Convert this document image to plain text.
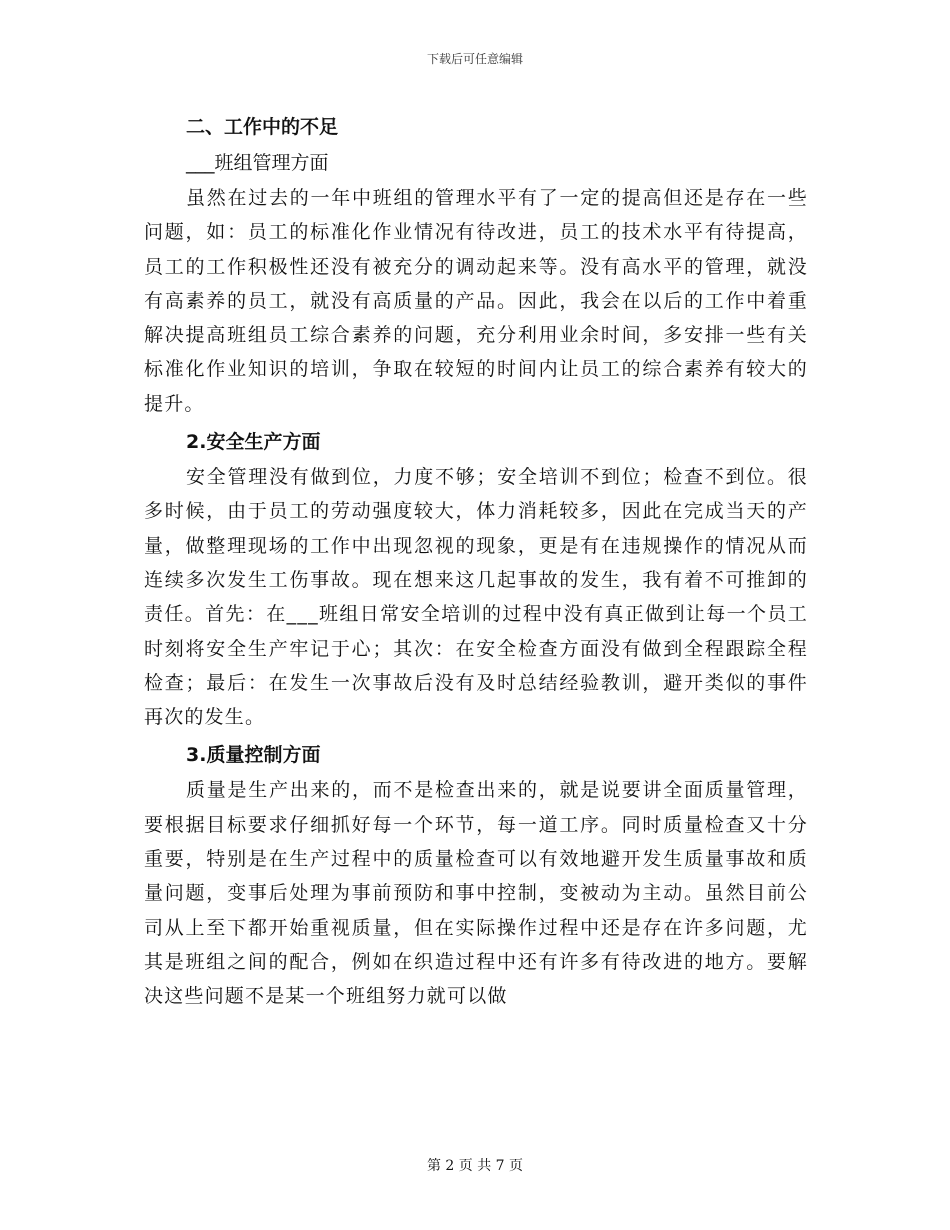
下载后可任意编辑
二、工作中的不足
___班组管理方面

虽然在过去的一年中班组的管理水平有了一定的提高但还是存在一些问题，如：员工的标准化作业情况有待改进，员工的技术水平有待提高，员工的工作积极性还没有被充分的调动起来等。没有高水平的管理，就没有高素养的员工，就没有高质量的产品。因此，我会在以后的工作中着重解决提高班组员工综合素养的问题，充分利用业余时间，多安排一些有关标准化作业知识的培训，争取在较短的时间内让员工的综合素养有较大的提升。

2.安全生产方面

安全管理没有做到位，力度不够；安全培训不到位；检查不到位。很多时候，由于员工的劳动强度较大，体力消耗较多，因此在完成当天的产量，做整理现场的工作中出现忽视的现象，更是有在违规操作的情况从而连续多次发生工伤事故。现在想来这几起事故的发生，我有着不可推卸的责任。首先：在___班组日常安全培训的过程中没有真正做到让每一个员工时刻将安全生产牢记于心；其次：在安全检查方面没有做到全程跟踪全程检查；最后：在发生一次事故后没有及时总结经验教训，避开类似的事件再次的发生。

3.质量控制方面

质量是生产出来的，而不是检查出来的，就是说要讲全面质量管理，要根据目标要求仔细抓好每一个环节，每一道工序。同时质量检查又十分重要，特别是在生产过程中的质量检查可以有效地避开发生质量事故和质量问题，变事后处理为事前预防和事中控制，变被动为主动。虽然目前公司从上至下都开始重视质量，但在实际操作过程中还是存在许多问题，尤其是班组之间的配合，例如在织造过程中还有许多有待改进的地方。要解决这些问题不是某一个班组努力就可以做

第 2 页 共 7 页
